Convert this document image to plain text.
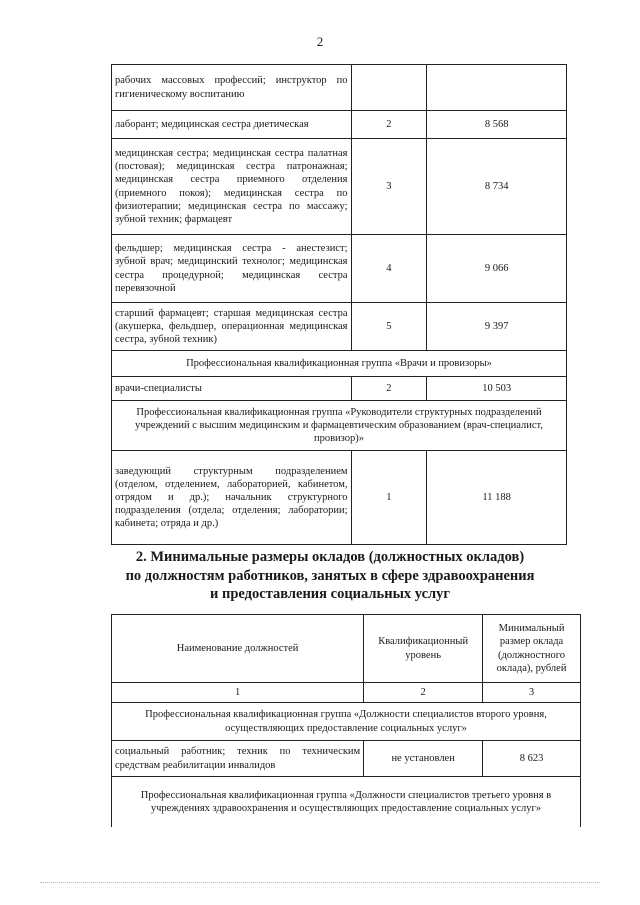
2
рабочих массовых профессий; инструктор по гигиеническому воспитанию		
лаборант; медицинская сестра диетическая	2	8 568
медицинская сестра; медицинская сестра палатная (постовая); медицинская сестра патронажная; медицинская сестра приемного отделения (приемного покоя); медицинская сестра по физиотерапии; медицинская сестра по массажу; зубной техник; фармацевт	3	8 734
фельдшер; медицинская сестра - анестезист; зубной врач; медицинский технолог; медицинская сестра процедурной; медицинская сестра перевязочной	4	9 066
старший фармацевт; старшая медицинская сестра (акушерка, фельдшер, операционная медицинская сестра, зубной техник)	5	9 397
Профессиональная квалификационная группа «Врачи и провизоры»		
врачи-специалисты	2	10 503
Профессиональная квалификационная группа «Руководители структурных подразделений учреждений с высшим медицинским и фармацевтическим образованием (врач-специалист, провизор)»		
заведующий структурным подразделением (отделом, отделением, лабораторией, кабинетом, отрядом и др.); начальник структурного подразделения (отдела; отделения; лаборатории; кабинета; отряда и др.)	1	11 188
2. Минимальные размеры окладов (должностных окладов)
по должностям работников, занятых в сфере здравоохранения
и предоставления социальных услуг
Наименование должностей	Квалификационный уровень	Минимальный размер оклада (должностного оклада), рублей
1	2	3
Профессиональная квалификационная группа «Должности специалистов второго уровня, осуществляющих предоставление социальных услуг»		
социальный работник; техник по техническим средствам реабилитации инвалидов	не установлен	8 623
Профессиональная квалификационная группа «Должности специалистов третьего уровня в учреждениях здравоохранения и осуществляющих предоставление социальных услуг»		
